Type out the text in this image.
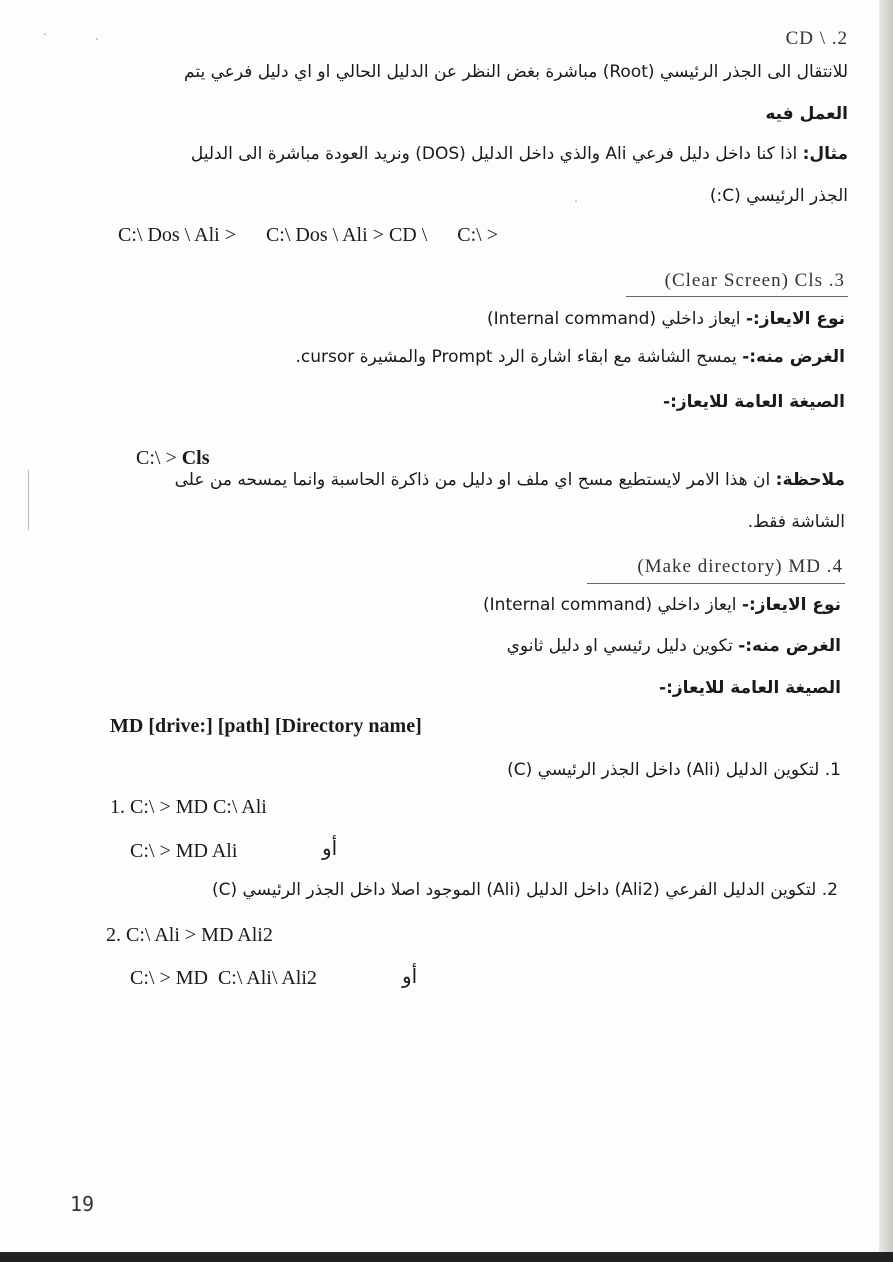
CD \ .2
للانتقال الى الجذر الرئيسي (Root) مباشرة بغض النظر عن الدليل الحالي او اي دليل فرعي يتم
العمل فيه
مثال: اذا كنا داخل دليل فرعي Ali والذي داخل الدليل (DOS) ونريد العودة مباشرة الى الدليل
الجذر الرئيسي (C:)
C:\ Dos \ Ali >      C:\ Dos \ Ali > CD \      C:\ >
(Clear Screen) Cls .3
نوع الايعاز:- ايعاز داخلي (Internal command)
الغرض منه:- يمسح الشاشة مع ابقاء اشارة الرد Prompt والمشيرة cursor.
الصيغة العامة للايعاز:-

C:\ > Cls

ملاحظة: ان هذا الامر لايستطيع مسح اي ملف او دليل من ذاكرة الحاسبة وانما يمسحه من على
الشاشة فقط.
(Make directory) MD .4
نوع الايعاز:- ايعاز داخلي (Internal command)
الغرض منه:- تكوين دليل رئيسي او دليل ثانوي
الصيغة العامة للايعاز:-
MD [drive:] [path] [Directory name]
1. لتكوين الدليل (Ali) داخل الجذر الرئيسي (C)
1. C:\ > MD C:\ Ali
C:\ > MD Ali	أو
2. لتكوين الدليل الفرعي (Ali2) داخل الدليل (Ali) الموجود اصلا داخل الجذر الرئيسي (C)
2. C:\ Ali > MD Ali2
C:\ > MD  C:\ Ali\ Ali2	أو
19
